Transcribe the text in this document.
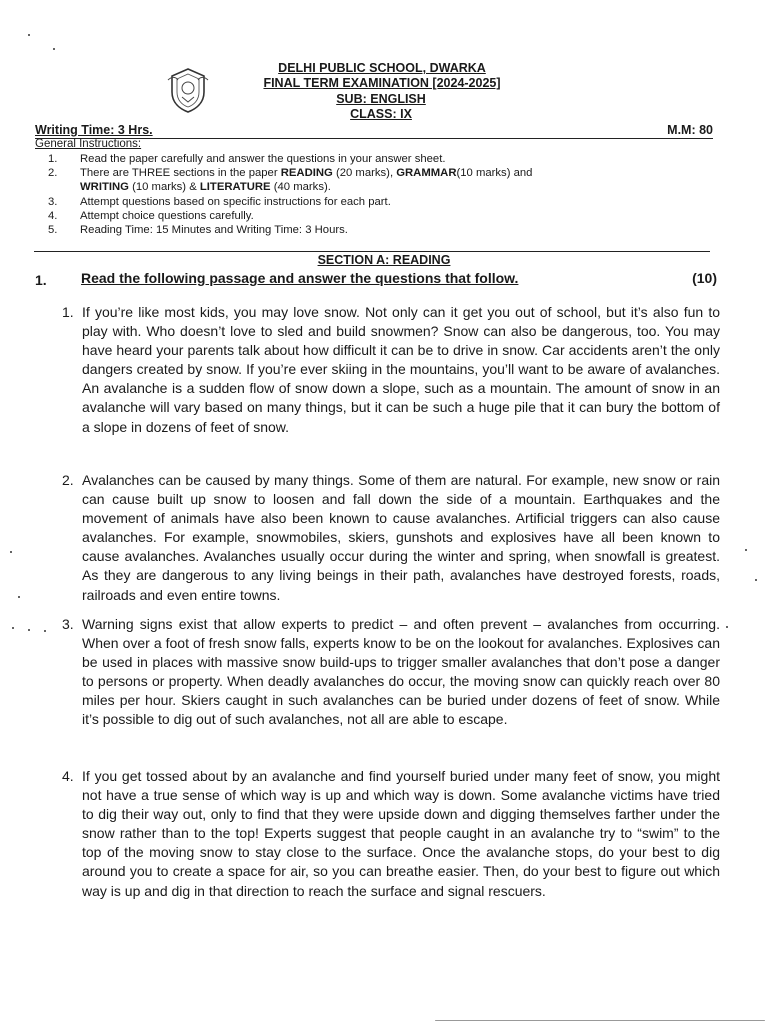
DELHI PUBLIC SCHOOL, DWARKA
FINAL TERM EXAMINATION [2024-2025]
SUB: ENGLISH
CLASS: IX
Writing Time: 3 Hrs.	M.M: 80
General Instructions:
1.	Read the paper carefully and answer the questions in your answer sheet.
2.	There are THREE sections in the paper READING (20 marks), GRAMMAR(10 marks) and
WRITING (10 marks) & LITERATURE (40 marks).
3.	Attempt questions based on specific instructions for each part.
4.	Attempt choice questions carefully.
5.	Reading Time: 15 Minutes and Writing Time: 3 Hours.
SECTION A: READING
1. Read the following passage and answer the questions that follow.	(10)
1. If you’re like most kids, you may love snow. Not only can it get you out of school, but it’s also fun to play with. Who doesn’t love to sled and build snowmen? Snow can also be dangerous, too. You may have heard your parents talk about how difficult it can be to drive in snow. Car accidents aren’t the only dangers created by snow. If you’re ever skiing in the mountains, you’ll want to be aware of avalanches. An avalanche is a sudden flow of snow down a slope, such as a mountain. The amount of snow in an avalanche will vary based on many things, but it can be such a huge pile that it can bury the bottom of a slope in dozens of feet of snow.
2. Avalanches can be caused by many things. Some of them are natural. For example, new snow or rain can cause built up snow to loosen and fall down the side of a mountain. Earthquakes and the movement of animals have also been known to cause avalanches. Artificial triggers can also cause avalanches. For example, snowmobiles, skiers, gunshots and explosives have all been known to cause avalanches. Avalanches usually occur during the winter and spring, when snowfall is greatest. As they are dangerous to any living beings in their path, avalanches have destroyed forests, roads, railroads and even entire towns.
3. Warning signs exist that allow experts to predict – and often prevent – avalanches from occurring. When over a foot of fresh snow falls, experts know to be on the lookout for avalanches. Explosives can be used in places with massive snow build-ups to trigger smaller avalanches that don’t pose a danger to persons or property. When deadly avalanches do occur, the moving snow can quickly reach over 80 miles per hour. Skiers caught in such avalanches can be buried under dozens of feet of snow. While it’s possible to dig out of such avalanches, not all are able to escape.
4. If you get tossed about by an avalanche and find yourself buried under many feet of snow, you might not have a true sense of which way is up and which way is down. Some avalanche victims have tried to dig their way out, only to find that they were upside down and digging themselves farther under the snow rather than to the top! Experts suggest that people caught in an avalanche try to “swim” to the top of the moving snow to stay close to the surface. Once the avalanche stops, do your best to dig around you to create a space for air, so you can breathe easier. Then, do your best to figure out which way is up and dig in that direction to reach the surface and signal rescuers.
